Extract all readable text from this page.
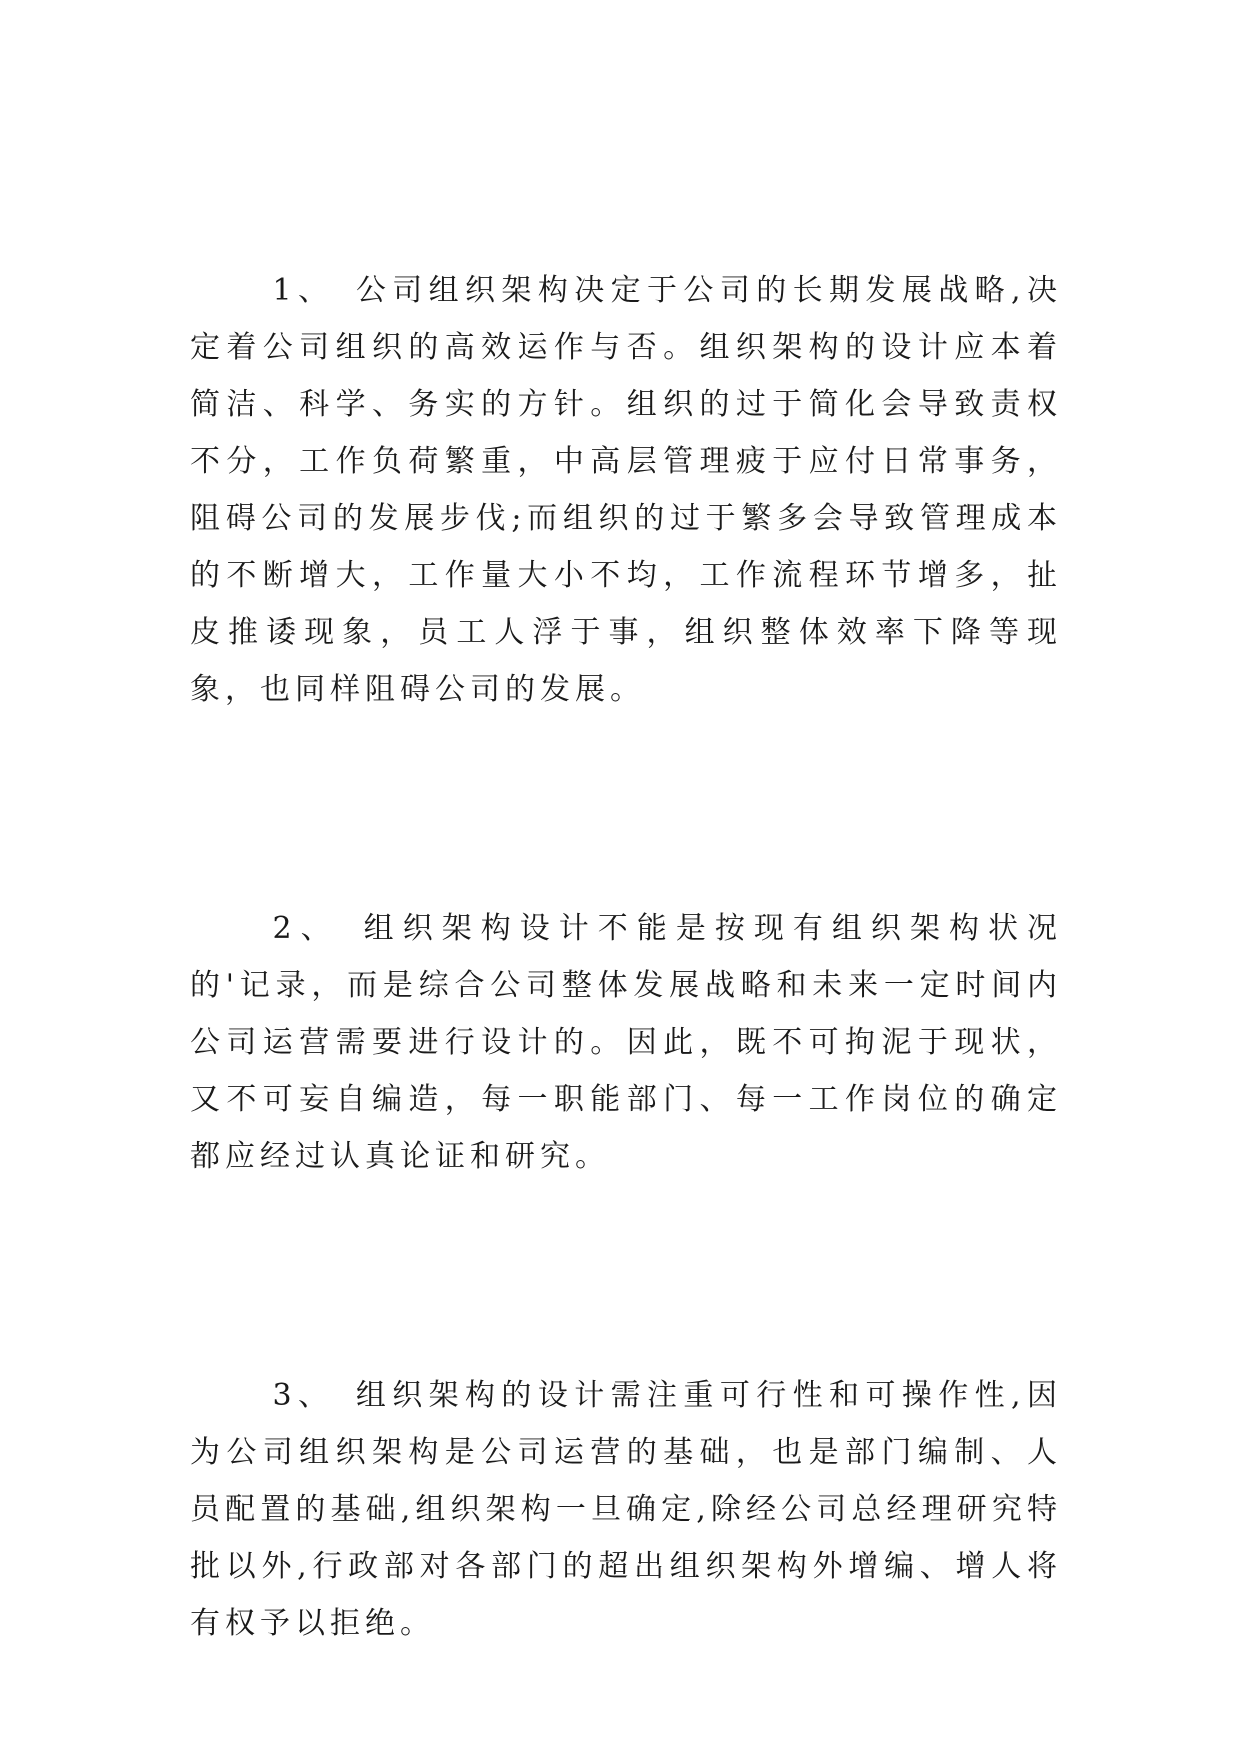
1、　 公司组织架构决定于公司的长期发展战略,决定着公司组织的高效运作与否。组织架构的设计应本着简洁、科学、务实的方针。组织的过于简化会导致责权不分，工作负荷繁重，中高层管理疲于应付日常事务，阻碍公司的发展步伐;而组织的过于繁多会导致管理成本的不断增大，工作量大小不均，工作流程环节增多，扯皮推诿现象，员工人浮于事，组织整体效率下降等现象，也同样阻碍公司的发展。

2、　 组织架构设计不能是按现有组织架构状况的'记录，而是综合公司整体发展战略和未来一定时间内公司运营需要进行设计的。因此，既不可拘泥于现状，又不可妄自编造，每一职能部门、每一工作岗位的确定都应经过认真论证和研究。

3、　 组织架构的设计需注重可行性和可操作性,因为公司组织架构是公司运营的基础，也是部门编制、人员配置的基础,组织架构一旦确定,除经公司总经理研究特批以外,行政部对各部门的超出组织架构外增编、增人将有权予以拒绝。
